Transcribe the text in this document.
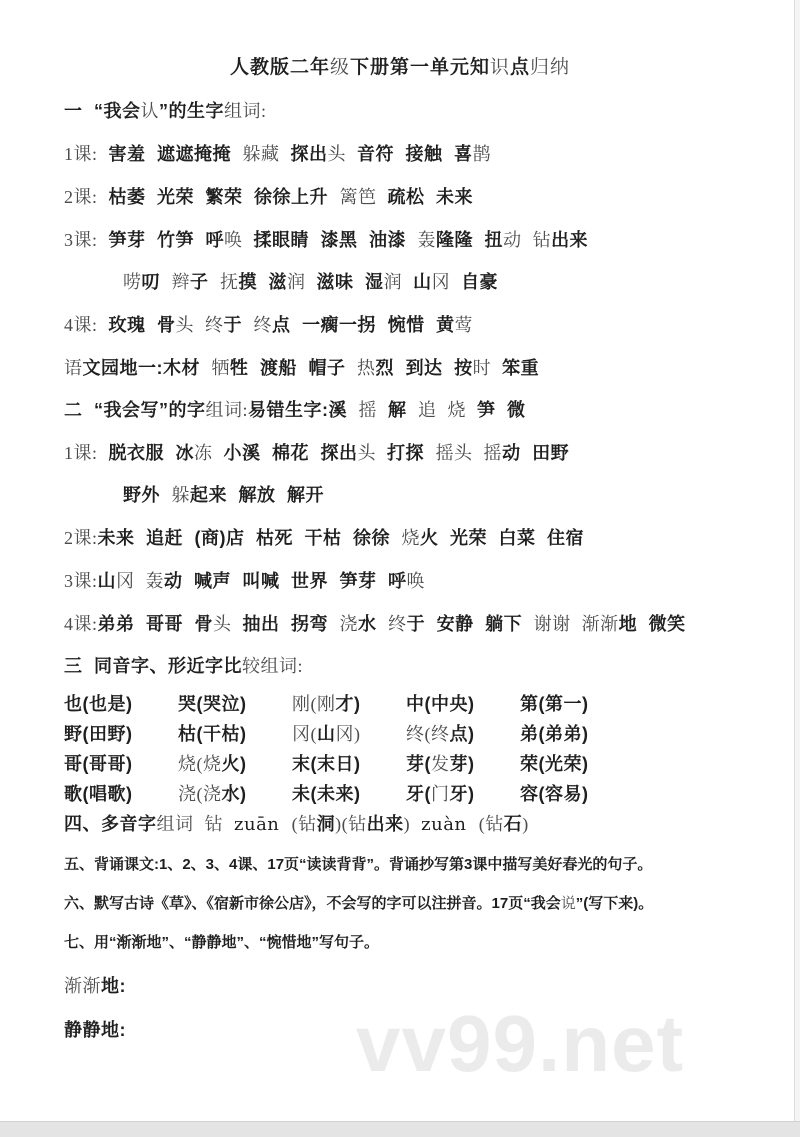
vv99.net
人教版二年级下册第一单元知识点归纳
一 “我会认”的生字组词:
1课: 害羞 遮遮掩掩 躲藏 探出头 音符 接触 喜鹊
2课: 枯萎 光荣 繁荣 徐徐上升 篱笆 疏松 未来
3课: 笋芽 竹笋 呼唤 揉眼睛 漆黑 油漆 轰隆隆 扭动 钻出来
唠叨 辫子 抚摸 滋润 滋味 湿润 山冈 自豪
4课: 玫瑰 骨头 终于 终点 一瘸一拐 惋惜 黄莺
语文园地一:木材 牺牲 渡船 帽子 热烈 到达 按时 笨重
二 “我会写”的字组词:易错生字:溪 摇 解 追 烧 笋 微
1课: 脱衣服 冰冻 小溪 棉花 探出头 打探 摇头 摇动 田野
野外 躲起来 解放 解开
2课:未来 追赶 (商)店 枯死 干枯 徐徐 烧火 光荣 白菜 住宿
3课:山冈 轰动 喊声 叫喊 世界 笋芽 呼唤
4课:弟弟 哥哥 骨头 抽出 拐弯 浇水 终于 安静 躺下 谢谢 渐渐地 微笑
三 同音字、形近字比较组词:
也(也是)	哭(哭泣)	刚(刚才)	中(中央)	第(第一)
野(田野)	枯(干枯)	冈(山冈)	终(终点)	弟(弟弟)
哥(哥哥)	烧(烧火)	末(末日)	芽(发芽)	荣(光荣)
歌(唱歌)	浇(浇水)	未(未来)	牙(门牙)	容(容易)
四、多音字组词 钻 zuān (钻洞)(钻出来) zuàn (钻石)
五、背诵课文:1、2、3、4课、17页“读读背背”。背诵抄写第3课中描写美好春光的句子。
六、默写古诗《草》、《宿新市徐公店》，不会写的字可以注拼音。17页“我会说”(写下来)。
七、用“渐渐地”、“静静地”、“惋惜地”写句子。
渐渐地:
静静地:
